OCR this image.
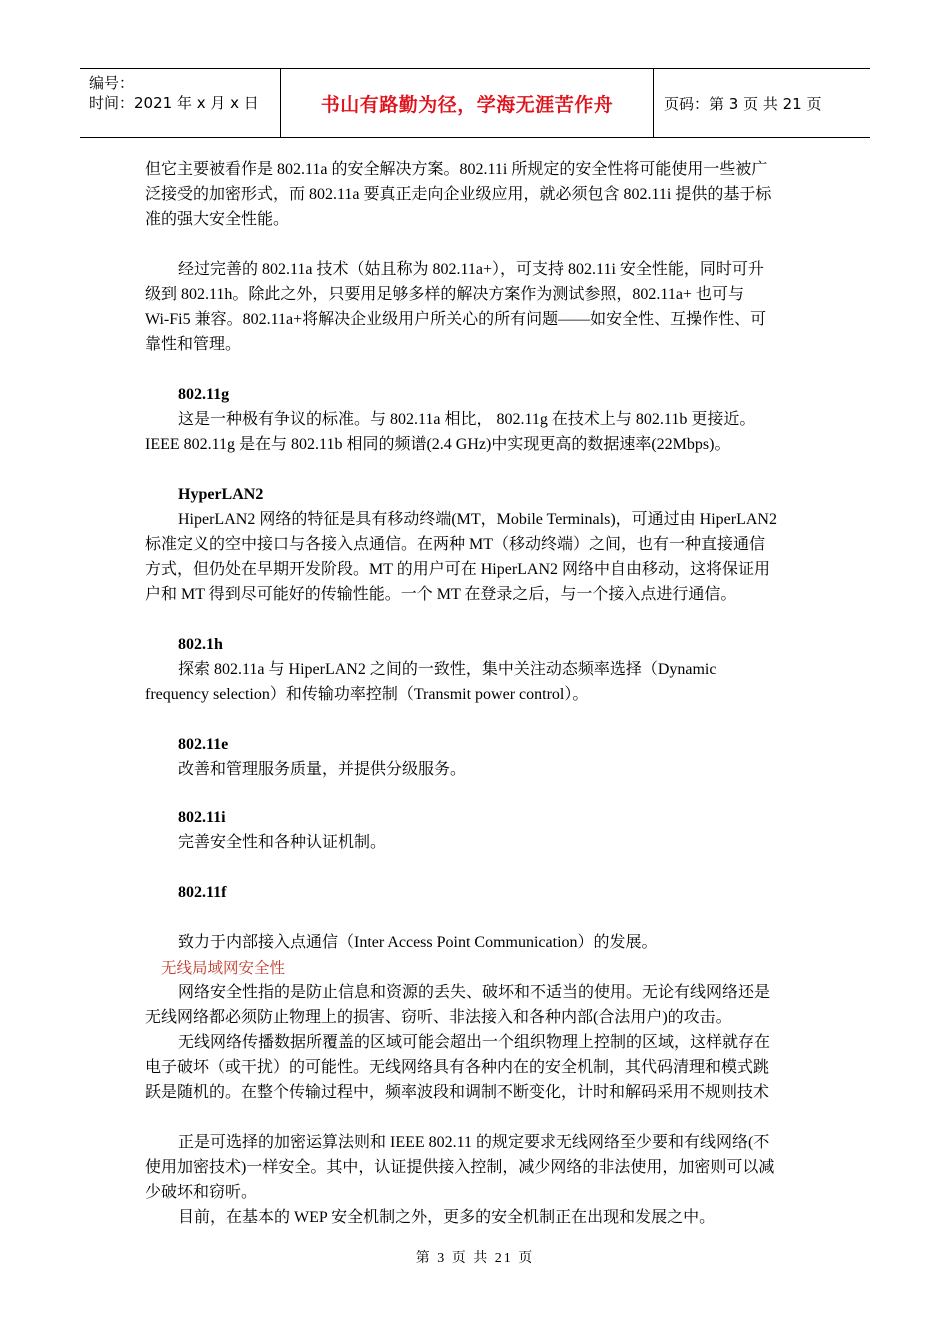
编号：
时间：2021 年 x 月 x 日	书山有路勤为径，学海无涯苦作舟	页码：第 3 页 共 21 页
但它主要被看作是 802.11a 的安全解决方案。802.11i 所规定的安全性将可能使用一些被广
泛接受的加密形式，而 802.11a 要真正走向企业级应用，就必须包含 802.11i 提供的基于标
准的强大安全性能。
经过完善的 802.11a 技术（姑且称为 802.11a+），可支持 802.11i 安全性能，同时可升
级到 802.11h。除此之外，只要用足够多样的解决方案作为测试参照，802.11a+ 也可与
Wi-Fi5 兼容。802.11a+将解决企业级用户所关心的所有问题——如安全性、互操作性、可
靠性和管理。
802.11g
这是一种极有争议的标准。与 802.11a 相比， 802.11g 在技术上与 802.11b 更接近。
IEEE 802.11g 是在与 802.11b 相同的频谱(2.4 GHz)中实现更高的数据速率(22Mbps)。
HyperLAN2
HiperLAN2 网络的特征是具有移动终端(MT，Mobile Terminals)，可通过由 HiperLAN2
标准定义的空中接口与各接入点通信。在两种 MT（移动终端）之间，也有一种直接通信
方式，但仍处在早期开发阶段。MT 的用户可在 HiperLAN2 网络中自由移动，这将保证用
户和 MT 得到尽可能好的传输性能。一个 MT 在登录之后，与一个接入点进行通信。
802.1h
探索 802.11a 与 HiperLAN2 之间的一致性，集中关注动态频率选择（Dynamic
frequency selection）和传输功率控制（Transmit power control）。
802.11e
改善和管理服务质量，并提供分级服务。
802.11i
完善安全性和各种认证机制。
802.11f
致力于内部接入点通信（Inter Access Point Communication）的发展。
无线局域网安全性
网络安全性指的是防止信息和资源的丢失、破坏和不适当的使用。无论有线网络还是
无线网络都必须防止物理上的损害、窃听、非法接入和各种内部(合法用户)的攻击。
无线网络传播数据所覆盖的区域可能会超出一个组织物理上控制的区域，这样就存在
电子破坏（或干扰）的可能性。无线网络具有各种内在的安全机制，其代码清理和模式跳
跃是随机的。在整个传输过程中，频率波段和调制不断变化，计时和解码采用不规则技术
正是可选择的加密运算法则和 IEEE 802.11 的规定要求无线网络至少要和有线网络(不
使用加密技术)一样安全。其中，认证提供接入控制，减少网络的非法使用，加密则可以减
少破坏和窃听。
目前，在基本的 WEP 安全机制之外，更多的安全机制正在出现和发展之中。
第 3 页 共 21 页
